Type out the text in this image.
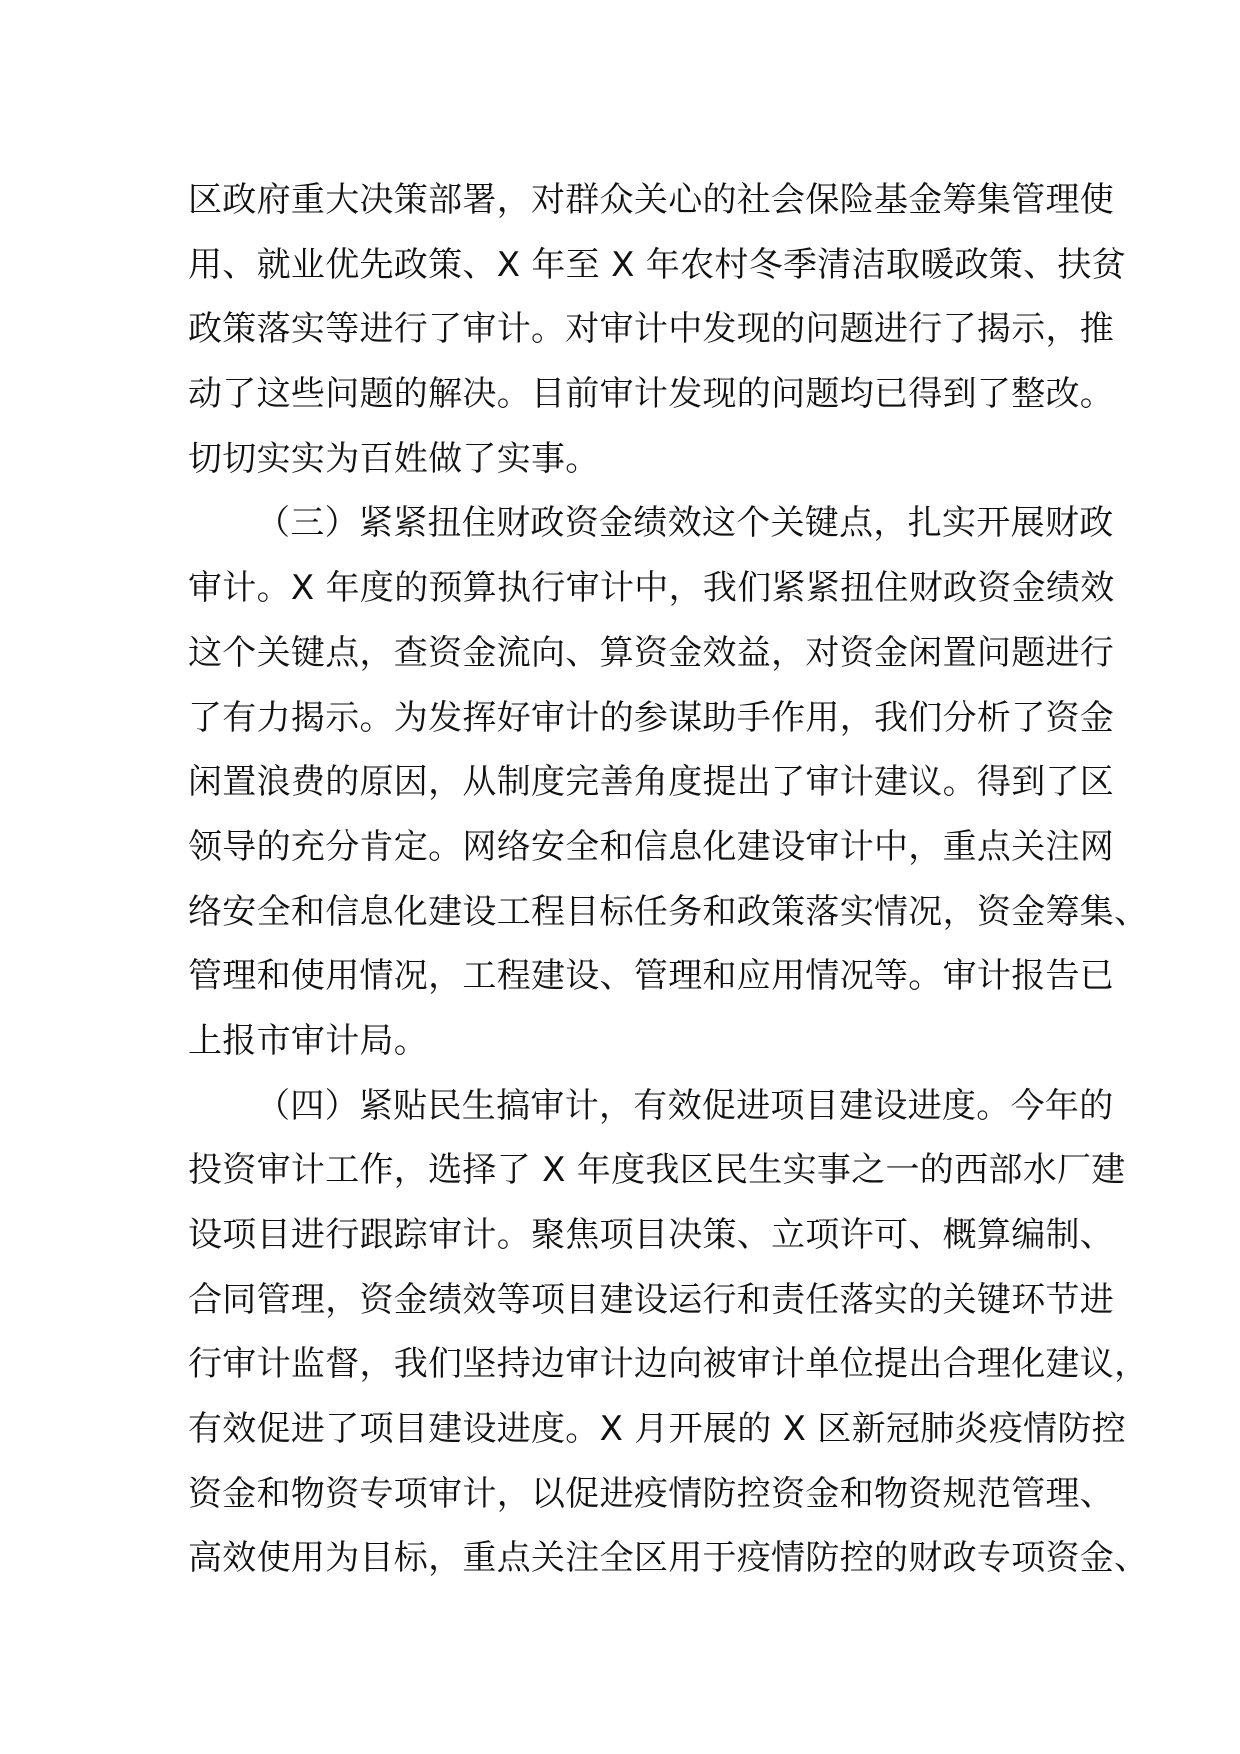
区政府重大决策部署，对群众关心的社会保险基金筹集管理使
用、就业优先政策、X 年至 X 年农村冬季清洁取暖政策、扶贫
政策落实等进行了审计。对审计中发现的问题进行了揭示，推
动了这些问题的解决。目前审计发现的问题均已得到了整改。
切切实实为百姓做了实事。
（三）紧紧扭住财政资金绩效这个关键点，扎实开展财政
审计。X 年度的预算执行审计中，我们紧紧扭住财政资金绩效
这个关键点，查资金流向、算资金效益，对资金闲置问题进行
了有力揭示。为发挥好审计的参谋助手作用，我们分析了资金
闲置浪费的原因，从制度完善角度提出了审计建议。得到了区
领导的充分肯定。网络安全和信息化建设审计中，重点关注网
络安全和信息化建设工程目标任务和政策落实情况，资金筹集、
管理和使用情况，工程建设、管理和应用情况等。审计报告已
上报市审计局。
（四）紧贴民生搞审计，有效促进项目建设进度。今年的
投资审计工作，选择了 X 年度我区民生实事之一的西部水厂建
设项目进行跟踪审计。聚焦项目决策、立项许可、概算编制、
合同管理，资金绩效等项目建设运行和责任落实的关键环节进
行审计监督，我们坚持边审计边向被审计单位提出合理化建议，
有效促进了项目建设进度。X 月开展的 X 区新冠肺炎疫情防控
资金和物资专项审计，以促进疫情防控资金和物资规范管理、
高效使用为目标，重点关注全区用于疫情防控的财政专项资金、
